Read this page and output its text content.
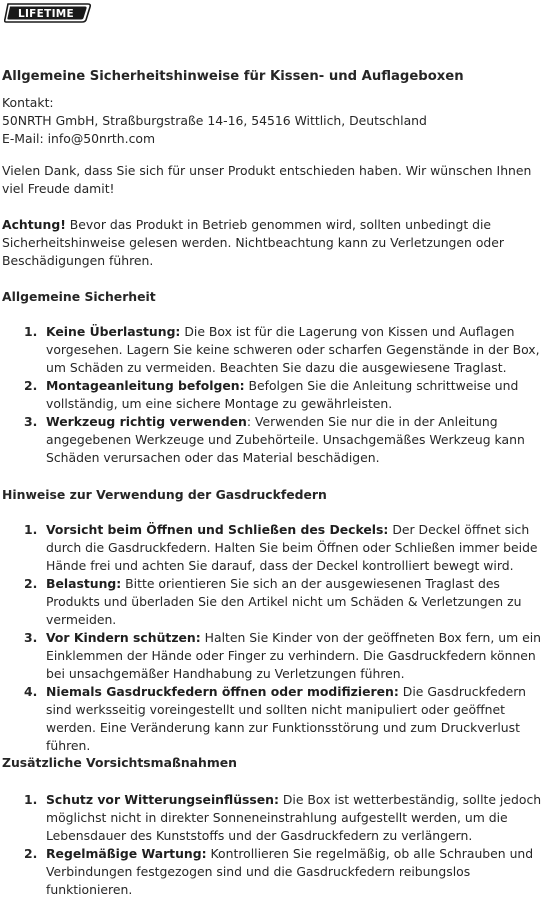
LIFETIME
Allgemeine Sicherheitshinweise für Kissen- und Auflageboxen
Kontakt:
50NRTH GmbH, Straßburgstraße 14-16, 54516 Wittlich, Deutschland
E-Mail: info@50nrth.com

Vielen Dank, dass Sie sich für unser Produkt entschieden haben. Wir wünschen Ihnen viel Freude damit!

Achtung! Bevor das Produkt in Betrieb genommen wird, sollten unbedingt die Sicherheitshinweise gelesen werden. Nichtbeachtung kann zu Verletzungen oder Beschädigungen führen.

Allgemeine Sicherheit
1. Keine Überlastung: Die Box ist für die Lagerung von Kissen und Auflagen vorgesehen. Lagern Sie keine schweren oder scharfen Gegenstände in der Box, um Schäden zu vermeiden. Beachten Sie dazu die ausgewiesene Traglast.
2. Montageanleitung befolgen: Befolgen Sie die Anleitung schrittweise und vollständig, um eine sichere Montage zu gewährleisten.
3. Werkzeug richtig verwenden: Verwenden Sie nur die in der Anleitung angegebenen Werkzeuge und Zubehörteile. Unsachgemäßes Werkzeug kann Schäden verursachen oder das Material beschädigen.
Hinweise zur Verwendung der Gasdruckfedern
1. Vorsicht beim Öffnen und Schließen des Deckels: Der Deckel öffnet sich durch die Gasdruckfedern. Halten Sie beim Öffnen oder Schließen immer beide Hände frei und achten Sie darauf, dass der Deckel kontrolliert bewegt wird.
2. Belastung: Bitte orientieren Sie sich an der ausgewiesenen Traglast des Produkts und überladen Sie den Artikel nicht um Schäden & Verletzungen zu vermeiden.
3. Vor Kindern schützen: Halten Sie Kinder von der geöffneten Box fern, um ein Einklemmen der Hände oder Finger zu verhindern. Die Gasdruckfedern können bei unsachgemäßer Handhabung zu Verletzungen führen.
4. Niemals Gasdruckfedern öffnen oder modifizieren: Die Gasdruckfedern sind werksseitig voreingestellt und sollten nicht manipuliert oder geöffnet werden. Eine Veränderung kann zur Funktionsstörung und zum Druckverlust führen.
Zusätzliche Vorsichtsmaßnahmen
1. Schutz vor Witterungseinflüssen: Die Box ist wetterbeständig, sollte jedoch möglichst nicht in direkter Sonneneinstrahlung aufgestellt werden, um die Lebensdauer des Kunststoffs und der Gasdruckfedern zu verlängern.
2. Regelmäßige Wartung: Kontrollieren Sie regelmäßig, ob alle Schrauben und Verbindungen festgezogen sind und die Gasdruckfedern reibungslos funktionieren.
